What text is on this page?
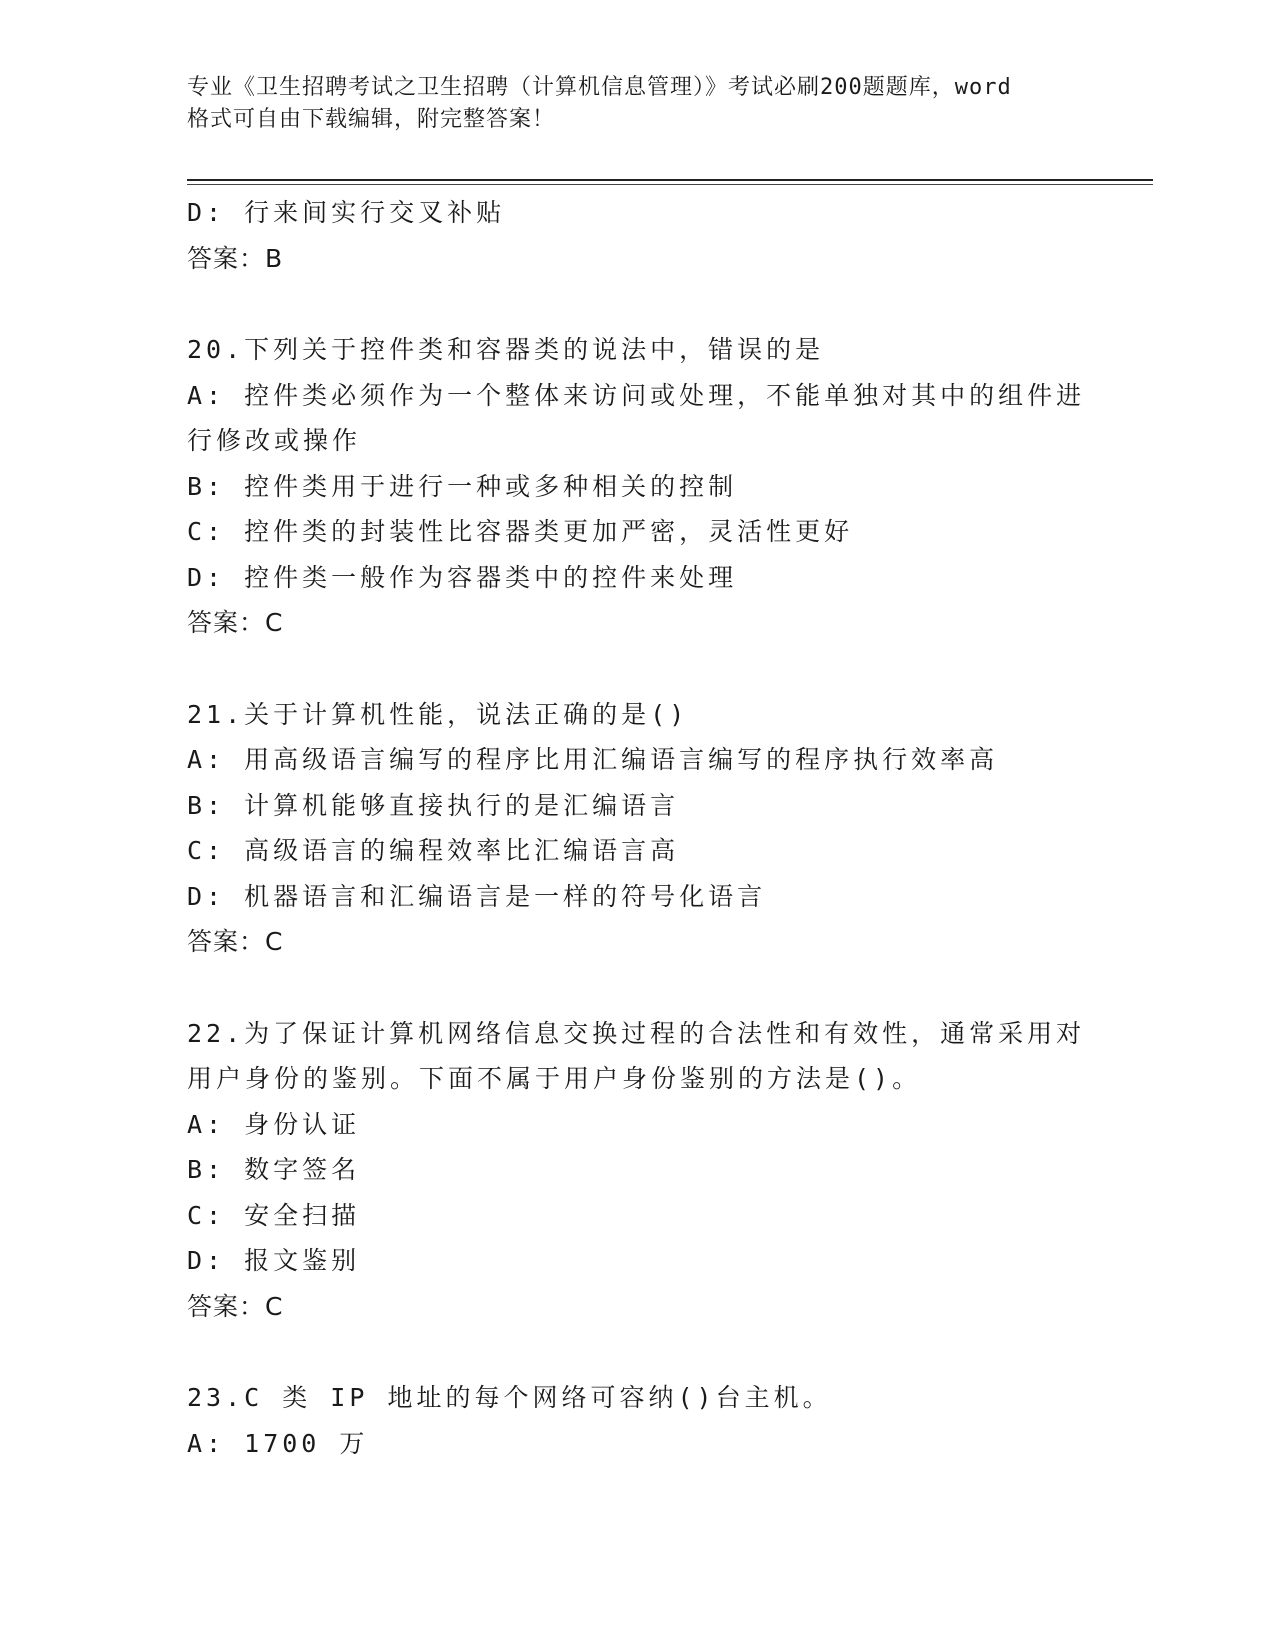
专业《卫生招聘考试之卫生招聘（计算机信息管理）》考试必刷200题题库，word
格式可自由下载编辑，附完整答案！
D: 行来间实行交叉补贴
答案：B
20.下列关于控件类和容器类的说法中，错误的是
A: 控件类必须作为一个整体来访问或处理，不能单独对其中的组件进
行修改或操作
B: 控件类用于进行一种或多种相关的控制
C: 控件类的封装性比容器类更加严密，灵活性更好
D: 控件类一般作为容器类中的控件来处理
答案：C
21.关于计算机性能，说法正确的是()
A: 用高级语言编写的程序比用汇编语言编写的程序执行效率高
B: 计算机能够直接执行的是汇编语言
C: 高级语言的编程效率比汇编语言高
D: 机器语言和汇编语言是一样的符号化语言
答案：C
22.为了保证计算机网络信息交换过程的合法性和有效性，通常采用对
用户身份的鉴别。下面不属于用户身份鉴别的方法是()。
A: 身份认证
B: 数字签名
C: 安全扫描
D: 报文鉴别
答案：C
23.C 类 IP 地址的每个网络可容纳()台主机。
A: 1700 万
